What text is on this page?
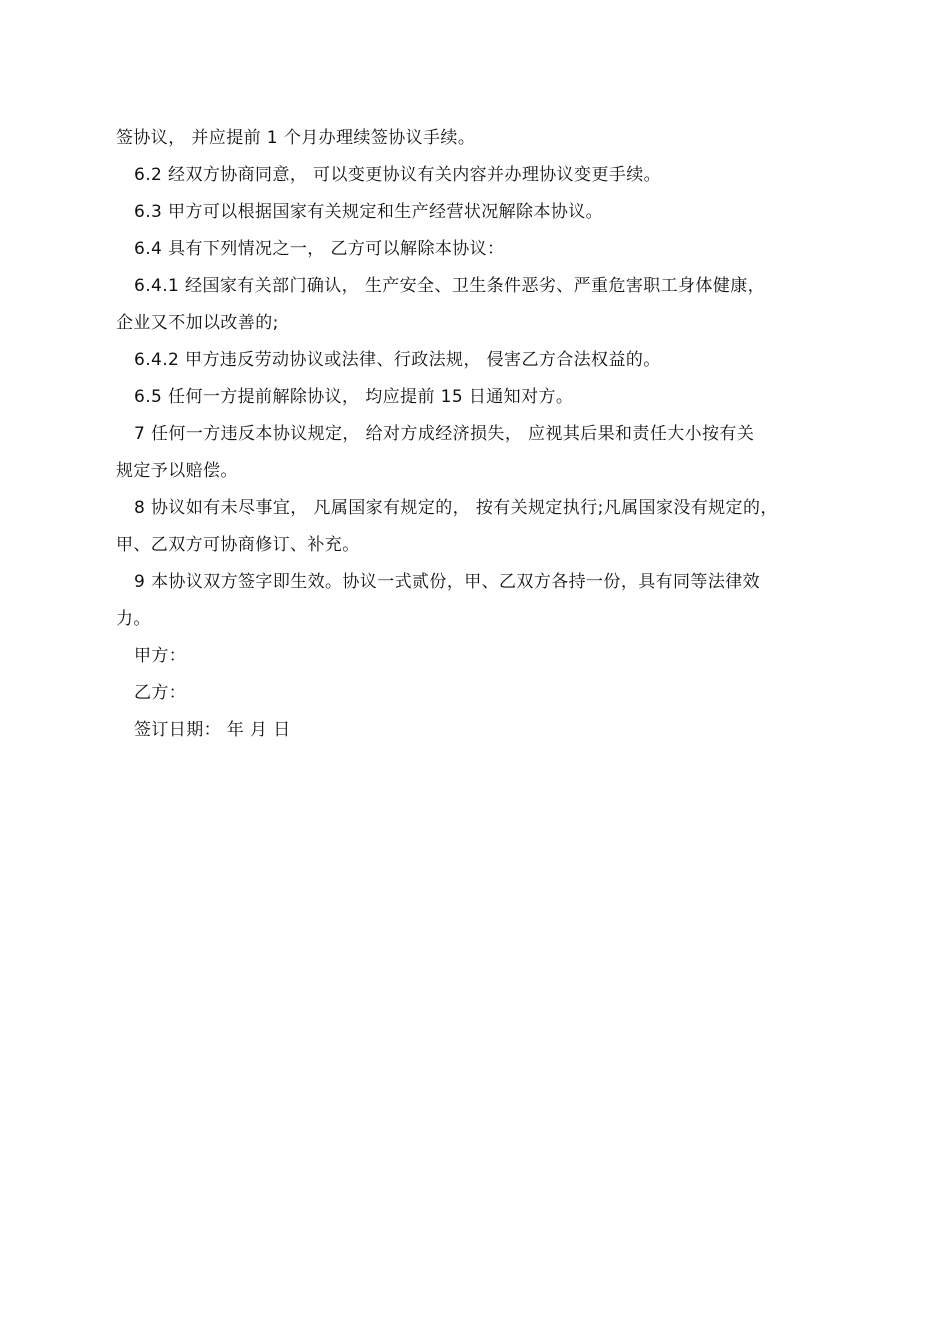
签协议， 并应提前 1 个月办理续签协议手续。
6.2 经双方协商同意， 可以变更协议有关内容并办理协议变更手续。
6.3 甲方可以根据国家有关规定和生产经营状况解除本协议。
6.4 具有下列情况之一， 乙方可以解除本协议：
6.4.1 经国家有关部门确认， 生产安全、卫生条件恶劣、严重危害职工身体健康，
企业又不加以改善的;
6.4.2 甲方违反劳动协议或法律、行政法规， 侵害乙方合法权益的。
6.5 任何一方提前解除协议， 均应提前 15 日通知对方。
7 任何一方违反本协议规定， 给对方成经济损失， 应视其后果和责任大小按有关
规定予以赔偿。
8 协议如有未尽事宜， 凡属国家有规定的， 按有关规定执行;凡属国家没有规定的，
甲、乙双方可协商修订、补充。
9 本协议双方签字即生效。协议一式贰份，甲、乙双方各持一份，具有同等法律效
力。
甲方：
乙方：
签订日期： 年 月 日
